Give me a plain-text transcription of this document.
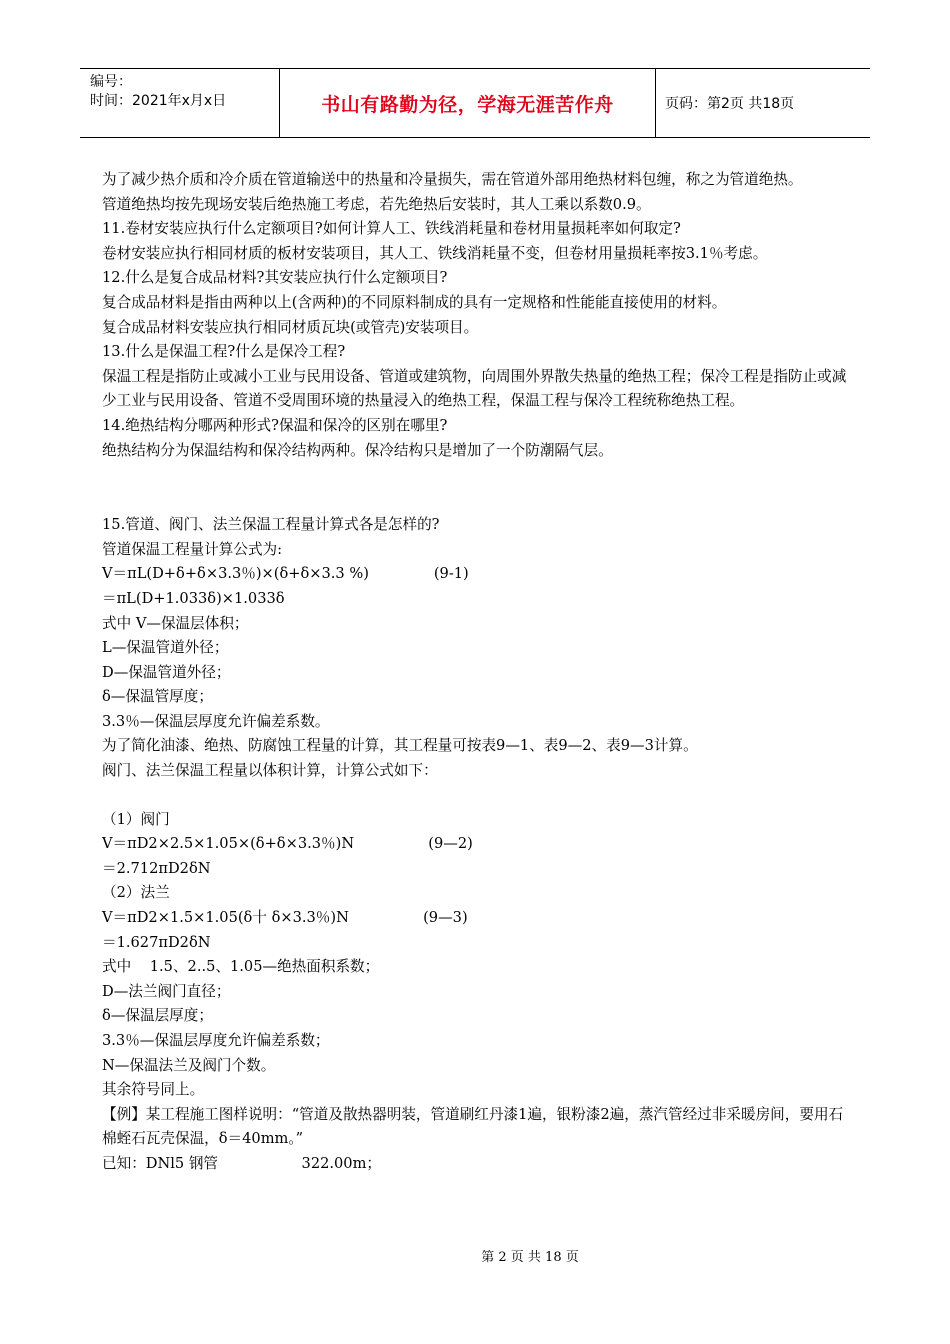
编号：
时间：2021年x月x日	书山有路勤为径，学海无涯苦作舟	页码：第2页 共18页

为了减少热介质和冷介质在管道输送中的热量和冷量损失，需在管道外部用绝热材料包缠，称之为管道绝热。

管道绝热均按先现场安装后绝热施工考虑，若先绝热后安装时，其人工乘以系数0.9。

11.卷材安装应执行什么定额项目?如何计算人工、铁线消耗量和卷材用量损耗率如何取定?

卷材安装应执行相同材质的板材安装项目，其人工、铁线消耗量不变，但卷材用量损耗率按3.1％考虑。

12.什么是复合成品材料?其安装应执行什么定额项目?

复合成品材料是指由两种以上(含两种)的不同原料制成的具有一定规格和性能能直接使用的材料。

复合成品材料安装应执行相同材质瓦块(或管壳)安装项目。

13.什么是保温工程?什么是保冷工程?

保温工程是指防止或减小工业与民用设备、管道或建筑物，向周围外界散失热量的绝热工程；保冷工程是指防止或减少工业与民用设备、管道不受周围环境的热量浸入的绝热工程，保温工程与保冷工程统称绝热工程。

14.绝热结构分哪两种形式?保温和保冷的区别在哪里?

绝热结构分为保温结构和保冷结构两种。保冷结构只是增加了一个防潮隔气层。

15.管道、阀门、法兰保温工程量计算式各是怎样的?

管道保温工程量计算公式为:

V＝πL(D+δ+δ×3.3％)×(δ+δ×3.3 %)              (9-1)

＝πL(D+1.033δ)×1.033δ

式中 V—保温层体积；

L—保温管道外径；

D—保温管道外径；

δ—保温管厚度；

3.3％—保温层厚度允许偏差系数。

为了简化油漆、绝热、防腐蚀工程量的计算，其工程量可按表9—1、表9—2、表9—3计算。

阀门、法兰保温工程量以体积计算，计算公式如下：

（1）阀门

V＝πD2×2.5×1.05×(δ+δ×3.3％)N                (9—2)

＝2.712πD2δN

（2）法兰

V＝πD2×1.5×1.05(δ十 δ×3.3％)N                (9—3)

＝1.627πD2δN

式中    1.5、2..5、1.05—绝热面积系数；

D—法兰阀门直径；

δ—保温层厚度；

3.3％—保温层厚度允许偏差系数；

N—保温法兰及阀门个数。

其余符号同上。

【例】某工程施工图样说明：“管道及散热器明装，管道刷红丹漆1遍，银粉漆2遍，蒸汽管经过非采暖房间，要用石棉蛭石瓦壳保温，δ＝40mm。”

已知：DNl5 钢管                  322.00m；

第 2 页 共 18 页
